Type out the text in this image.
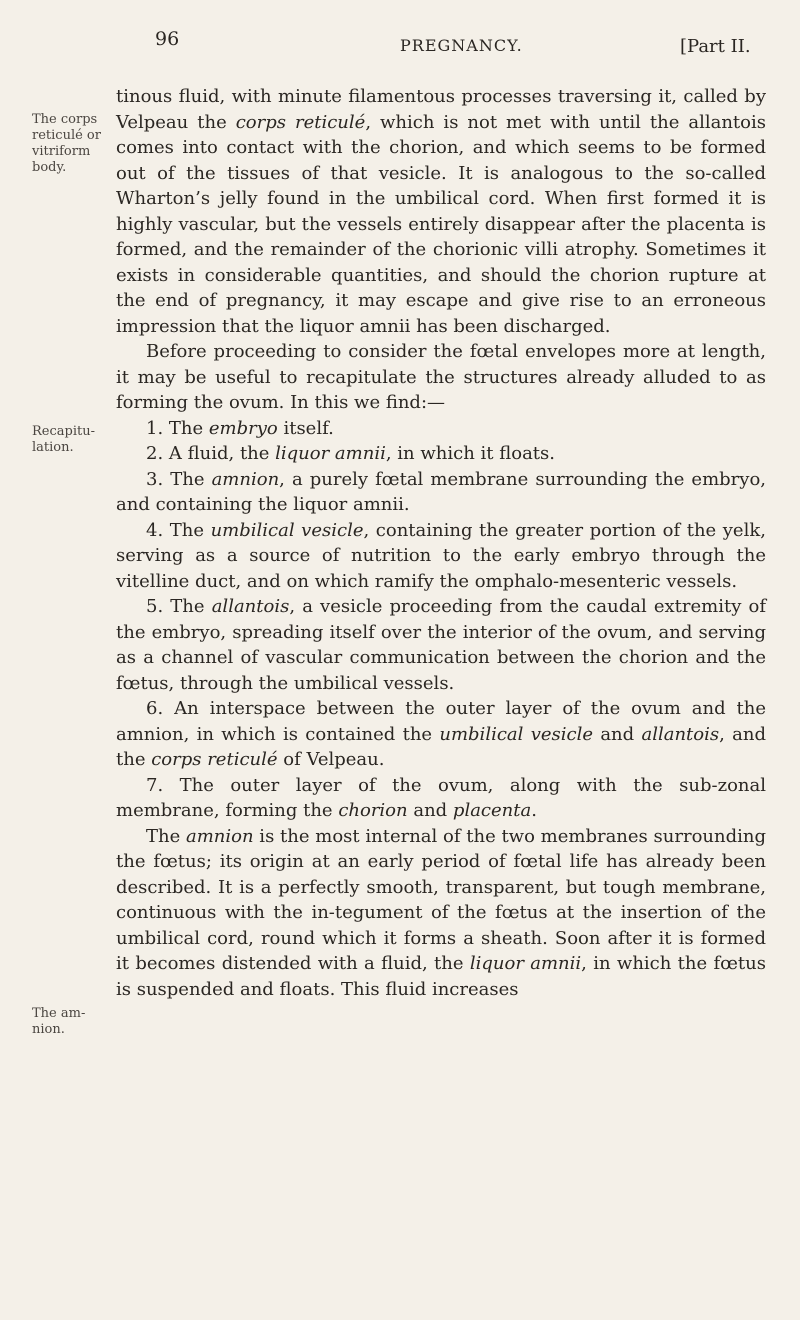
96	PREGNANCY.	[Part II.
The corps reticulé or vitriform body.
Recapitu-lation.
The am-nion.

tinous fluid, with minute filamentous processes traversing it, called by Velpeau the corps reticulé, which is not met with until the allantois comes into contact with the chorion, and which seems to be formed out of the tissues of that vesicle. It is analogous to the so-called Wharton’s jelly found in the umbilical cord. When first formed it is highly vascular, but the vessels entirely disappear after the placenta is formed, and the remainder of the chorionic villi atrophy. Sometimes it exists in considerable quantities, and should the chorion rupture at the end of pregnancy, it may escape and give rise to an erroneous impression that the liquor amnii has been discharged.

Before proceeding to consider the fœtal envelopes more at length, it may be useful to recapitulate the structures already alluded to as forming the ovum. In this we find:—

1. The embryo itself.

2. A fluid, the liquor amnii, in which it floats.

3. The amnion, a purely fœtal membrane surrounding the embryo, and containing the liquor amnii.

4. The umbilical vesicle, containing the greater portion of the yelk, serving as a source of nutrition to the early embryo through the vitelline duct, and on which ramify the omphalo-mesenteric vessels.

5. The allantois, a vesicle proceeding from the caudal extremity of the embryo, spreading itself over the interior of the ovum, and serving as a channel of vascular communication between the chorion and the fœtus, through the umbilical vessels.

6. An interspace between the outer layer of the ovum and the amnion, in which is contained the umbilical vesicle and allantois, and the corps reticulé of Velpeau.

7. The outer layer of the ovum, along with the sub-zonal membrane, forming the chorion and placenta.

The amnion is the most internal of the two membranes surrounding the fœtus; its origin at an early period of fœtal life has already been described. It is a perfectly smooth, transparent, but tough membrane, continuous with the in-tegument of the fœtus at the insertion of the umbilical cord, round which it forms a sheath. Soon after it is formed it becomes distended with a fluid, the liquor amnii, in which the fœtus is suspended and floats. This fluid increases
